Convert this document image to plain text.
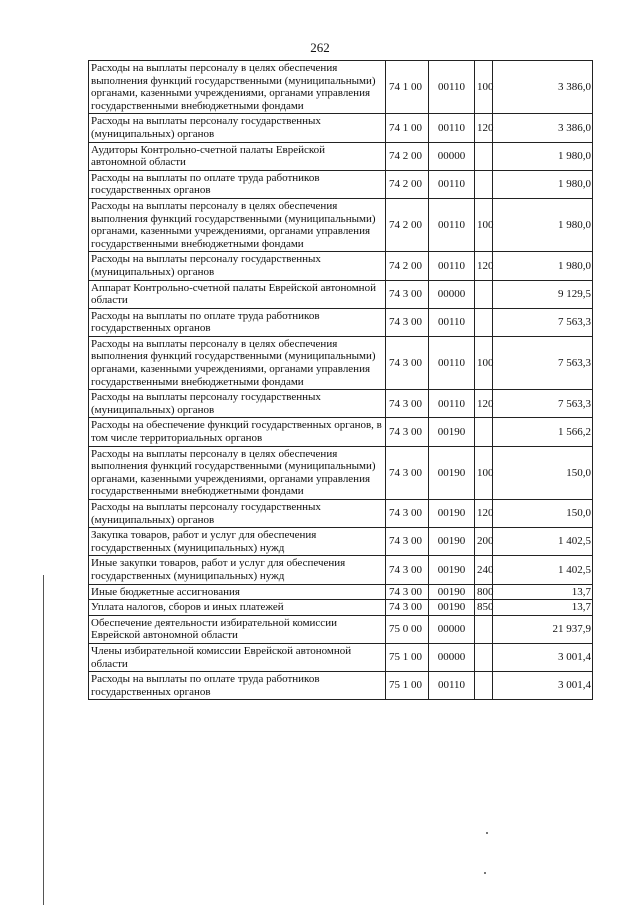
262
Расходы на выплаты персоналу в целях обеспечения выполнения функций государственными (муниципальными) органами, казенными учреждениями, органами управления государственными внебюджетными фондами	74 1 00	00110	100	3 386,0
Расходы на выплаты персоналу государственных (муниципальных) органов	74 1 00	00110	120	3 386,0
Аудиторы Контрольно-счетной палаты Еврейской автономной области	74 2 00	00000		1 980,0
Расходы на выплаты по оплате труда работников государственных органов	74 2 00	00110		1 980,0
Расходы на выплаты персоналу в целях обеспечения выполнения функций государственными (муниципальными) органами, казенными учреждениями, органами управления государственными внебюджетными фондами	74 2 00	00110	100	1 980,0
Расходы на выплаты персоналу государственных (муниципальных) органов	74 2 00	00110	120	1 980,0
Аппарат Контрольно-счетной палаты Еврейской автономной области	74 3 00	00000		9 129,5
Расходы на выплаты по оплате труда работников государственных органов	74 3 00	00110		7 563,3
Расходы на выплаты персоналу в целях обеспечения выполнения функций государственными (муниципальными) органами, казенными учреждениями, органами управления государственными внебюджетными фондами	74 3 00	00110	100	7 563,3
Расходы на выплаты персоналу государственных (муниципальных) органов	74 3 00	00110	120	7 563,3
Расходы на обеспечение функций государственных органов, в том числе территориальных органов	74 3 00	00190		1 566,2
Расходы на выплаты персоналу в целях обеспечения выполнения функций государственными (муниципальными) органами, казенными учреждениями, органами управления государственными внебюджетными фондами	74 3 00	00190	100	150,0
Расходы на выплаты персоналу государственных (муниципальных) органов	74 3 00	00190	120	150,0
Закупка товаров, работ и услуг для обеспечения государственных (муниципальных) нужд	74 3 00	00190	200	1 402,5
Иные закупки товаров, работ и услуг для обеспечения государственных (муниципальных) нужд	74 3 00	00190	240	1 402,5
Иные бюджетные ассигнования	74 3 00	00190	800	13,7
Уплата налогов, сборов и иных платежей	74 3 00	00190	850	13,7
Обеспечение деятельности избирательной комиссии Еврейской автономной области	75 0 00	00000		21 937,9
Члены избирательной комиссии Еврейской автономной области	75 1 00	00000		3 001,4
Расходы на выплаты по оплате труда работников государственных органов	75 1 00	00110		3 001,4
